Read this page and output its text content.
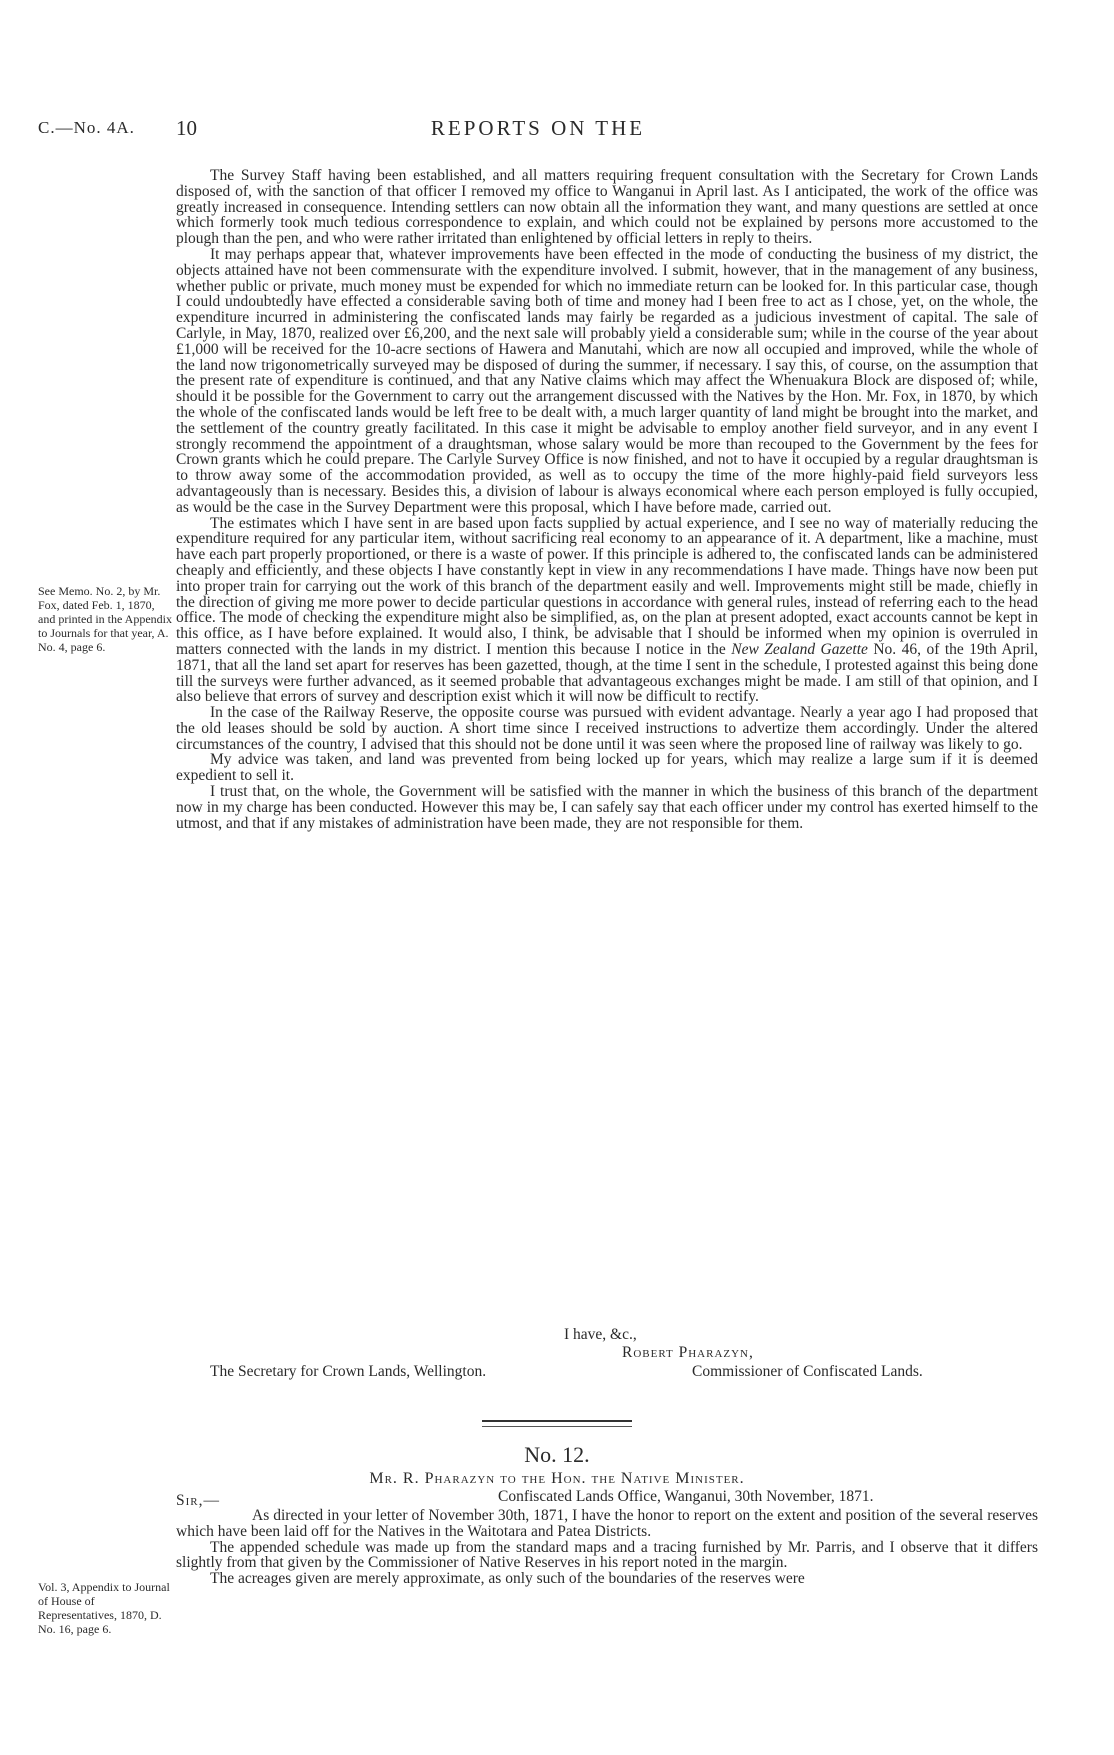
C.—No. 4A. 10	REPORTS ON THE

The Survey Staff having been established, and all matters requiring frequent consultation with the Secretary for Crown Lands disposed of, with the sanction of that officer I removed my office to Wanganui in April last. As I anticipated, the work of the office was greatly increased in consequence. Intending settlers can now obtain all the information they want, and many questions are settled at once which formerly took much tedious correspondence to explain, and which could not be explained by persons more accustomed to the plough than the pen, and who were rather irritated than enlightened by official letters in reply to theirs.

It may perhaps appear that, whatever improvements have been effected in the mode of conducting the business of my district, the objects attained have not been commensurate with the expenditure involved. I submit, however, that in the management of any business, whether public or private, much money must be expended for which no immediate return can be looked for. In this particular case, though I could undoubtedly have effected a considerable saving both of time and money had I been free to act as I chose, yet, on the whole, the expenditure incurred in administering the confiscated lands may fairly be regarded as a judicious investment of capital. The sale of Carlyle, in May, 1870, realized over £6,200, and the next sale will probably yield a considerable sum; while in the course of the year about £1,000 will be received for the 10-acre sections of Hawera and Manutahi, which are now all occupied and improved, while the whole of the land now trigonometrically surveyed may be disposed of during the summer, if necessary. I say this, of course, on the assumption that the present rate of expenditure is continued, and that any Native claims which may affect the Whenuakura Block are disposed of; while, should it be possible for the Government to carry out the arrangement discussed with the Natives by the Hon. Mr. Fox, in 1870, by which the whole of the confiscated lands would be left free to be dealt with, a much larger quantity of land might be brought into the market, and the settlement of the country greatly facilitated. In this case it might be advisable to employ another field surveyor, and in any event I strongly recommend the appointment of a draughtsman, whose salary would be more than recouped to the Government by the fees for Crown grants which he could prepare. The Carlyle Survey Office is now finished, and not to have it occupied by a regular draughtsman is to throw away some of the accommodation provided, as well as to occupy the time of the more highly-paid field surveyors less advantageously than is necessary. Besides this, a division of labour is always economical where each person employed is fully occupied, as would be the case in the Survey Department were this proposal, which I have before made, carried out.

The estimates which I have sent in are based upon facts supplied by actual experience, and I see no way of materially reducing the expenditure required for any particular item, without sacrificing real economy to an appearance of it. A department, like a machine, must have each part properly proportioned, or there is a waste of power. If this principle is adhered to, the confiscated lands can be administered cheaply and efficiently, and these objects I have constantly kept in view in any recommendations I have made. Things have now been put into proper train for carrying out the work of this branch of the department easily and well. Improvements might still be made, chiefly in the direction of giving me more power to decide particular questions in accordance with general rules, instead of referring each to the head office. The mode of checking the expenditure might also be simplified, as, on the plan at present adopted, exact accounts cannot be kept in this office, as I have before explained. It would also, I think, be advisable that I should be informed when my opinion is overruled in matters connected with the lands in my district. I mention this because I notice in the New Zealand Gazette No. 46, of the 19th April, 1871, that all the land set apart for reserves has been gazetted, though, at the time I sent in the schedule, I protested against this being done till the surveys were further advanced, as it seemed probable that advantageous exchanges might be made. I am still of that opinion, and I also believe that errors of survey and description exist which it will now be difficult to rectify.

In the case of the Railway Reserve, the opposite course was pursued with evident advantage. Nearly a year ago I had proposed that the old leases should be sold by auction. A short time since I received instructions to advertize them accordingly. Under the altered circumstances of the country, I advised that this should not be done until it was seen where the proposed line of railway was likely to go.

My advice was taken, and land was prevented from being locked up for years, which may realize a large sum if it is deemed expedient to sell it.

I trust that, on the whole, the Government will be satisfied with the manner in which the business of this branch of the department now in my charge has been conducted. However this may be, I can safely say that each officer under my control has exerted himself to the utmost, and that if any mistakes of administration have been made, they are not responsible for them.

See Memo. No. 2, by Mr. Fox, dated Feb. 1, 1870, and printed in the Appendix to Journals for that year, A. No. 4, page 6.
I have, &c.,
Robert Pharazyn,
The Secretary for Crown Lands, Wellington.	Commissioner of Confiscated Lands.
No. 12.
Mr. R. Pharazyn to the Hon. the Native Minister.
Sir,—	Confiscated Lands Office, Wanganui, 30th November, 1871.

As directed in your letter of November 30th, 1871, I have the honor to report on the extent and position of the several reserves which have been laid off for the Natives in the Waitotara and Patea Districts.

The appended schedule was made up from the standard maps and a tracing furnished by Mr. Parris, and I observe that it differs slightly from that given by the Commissioner of Native Reserves in his report noted in the margin.

The acreages given are merely approximate, as only such of the boundaries of the reserves were

Vol. 3, Appendix to Journal of House of Representatives, 1870, D. No. 16, page 6.
